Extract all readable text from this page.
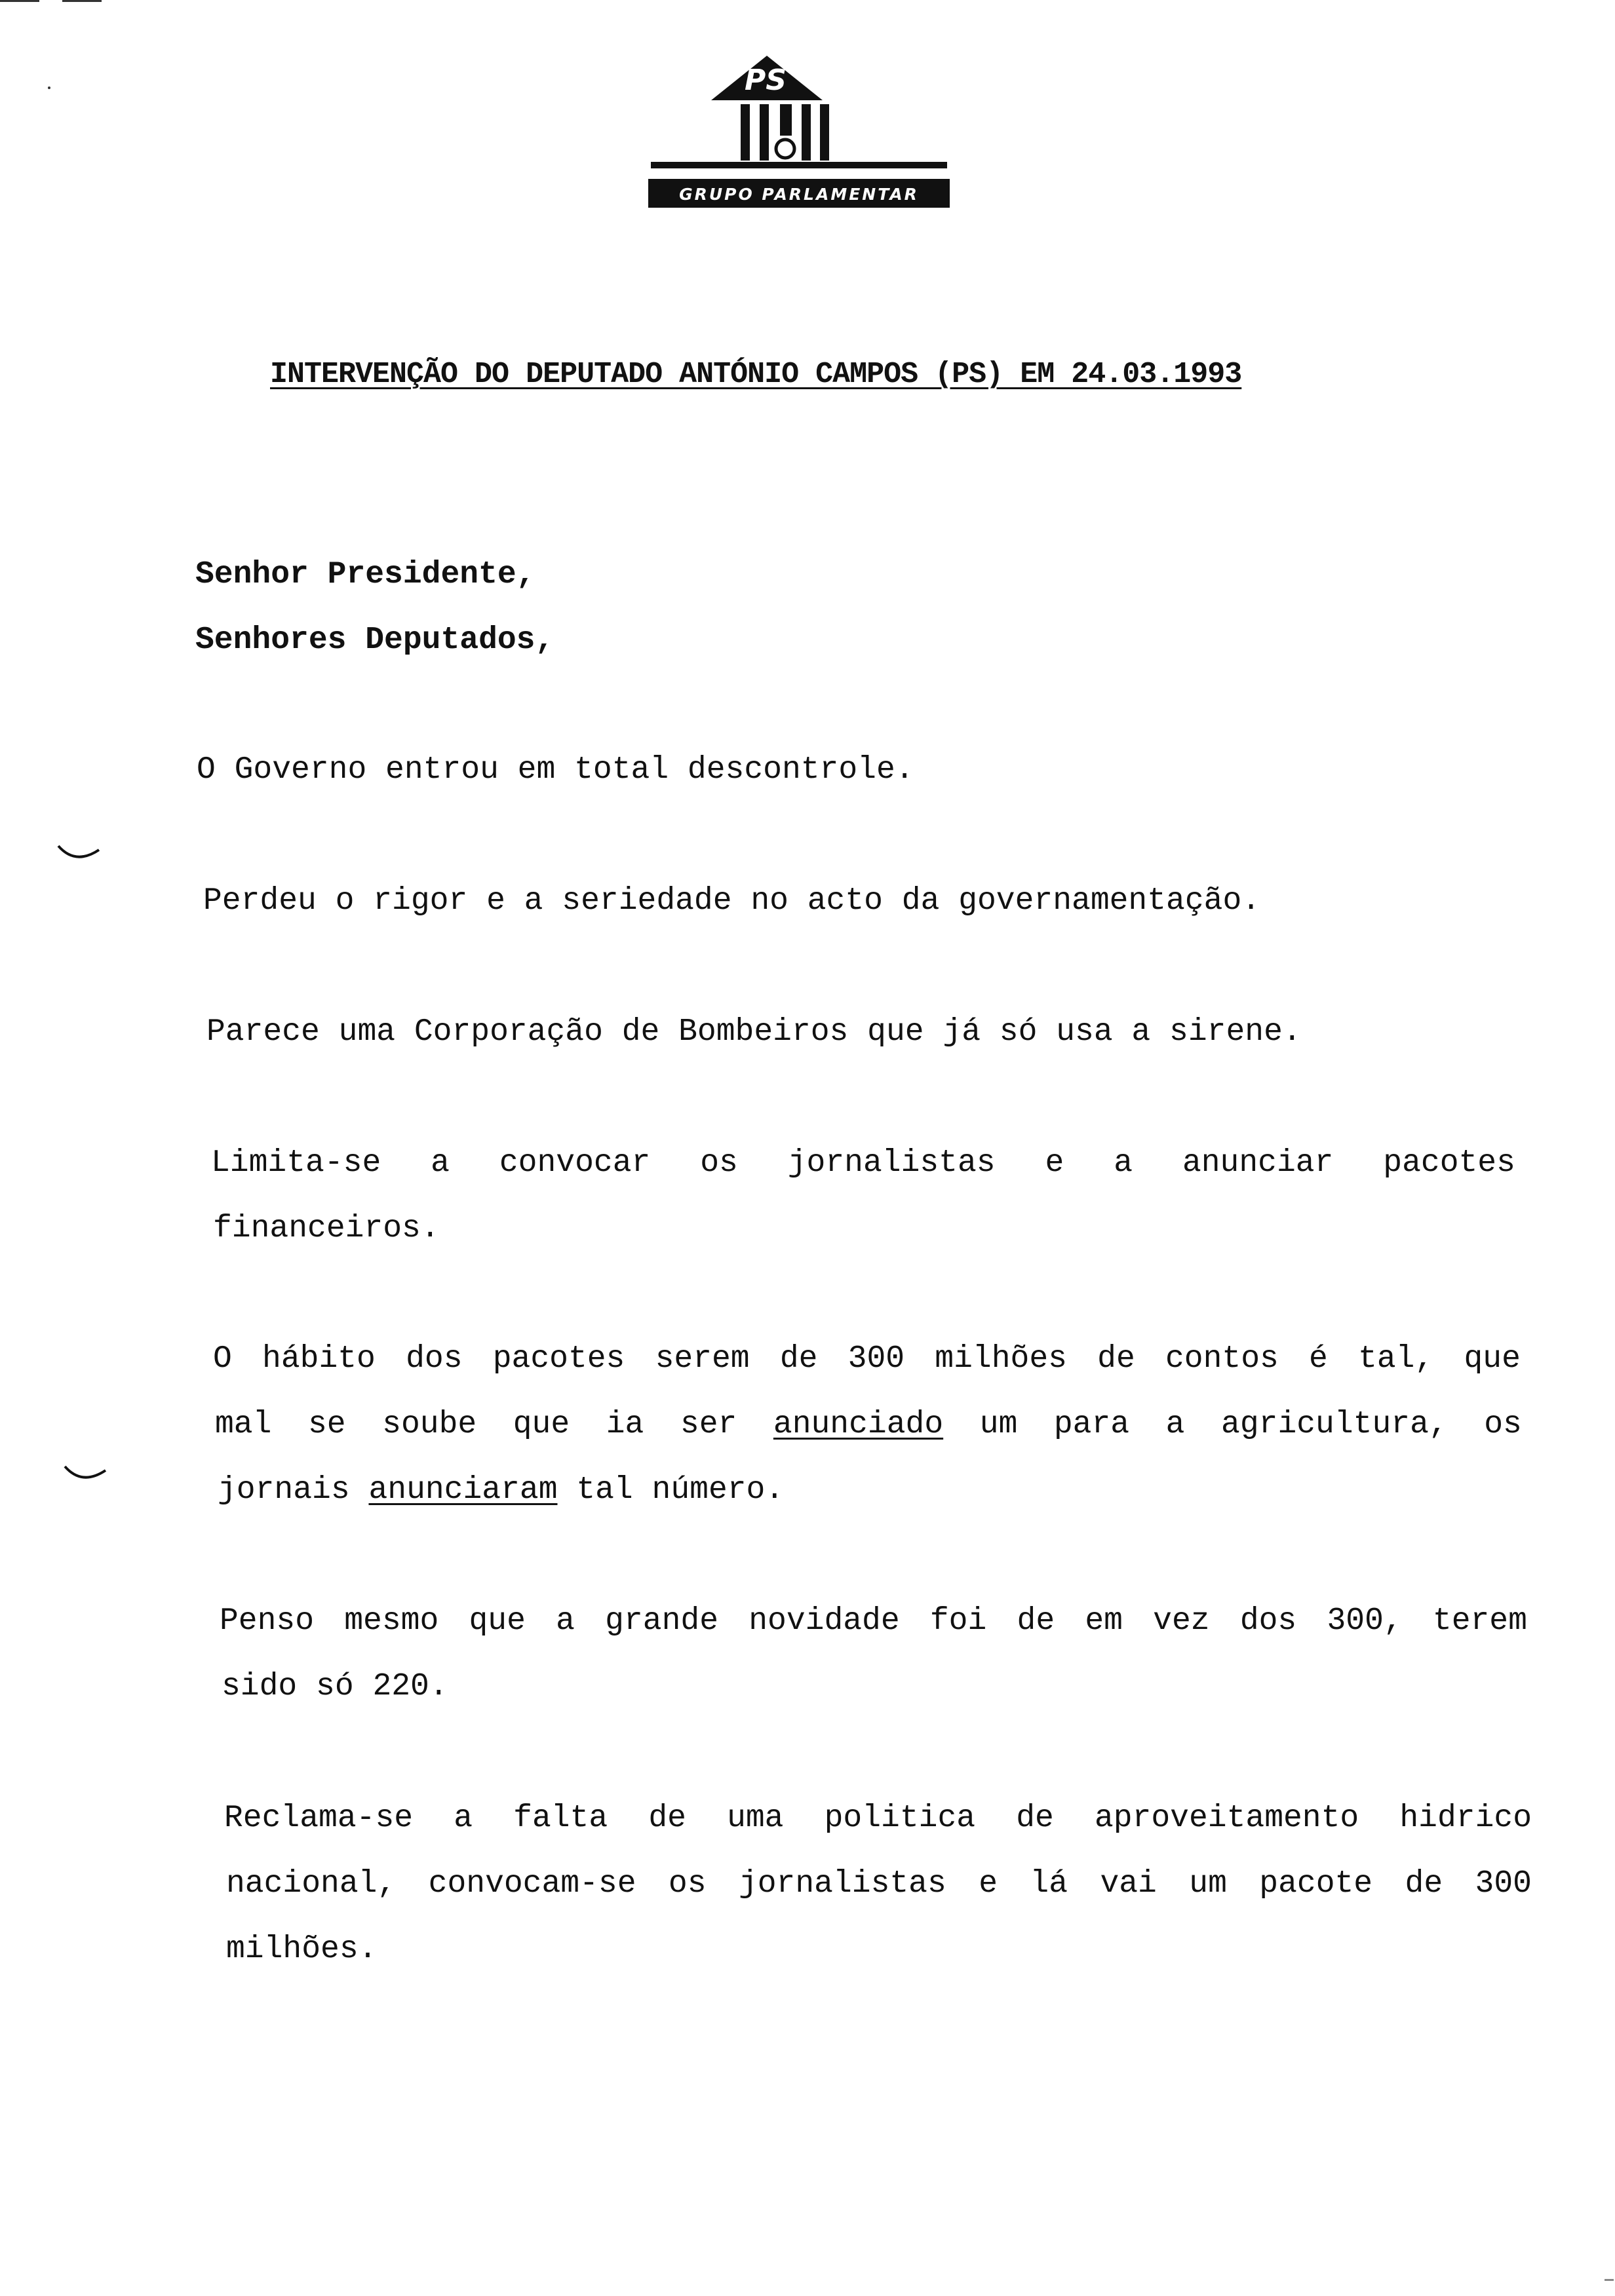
PS
GRUPO PARLAMENTAR
INTERVENÇÃO DO DEPUTADO ANTÓNIO CAMPOS (PS) EM 24.03.1993
Senhor Presidente,
Senhores Deputados,
O Governo entrou em total descontrole.
Perdeu o rigor e a seriedade no acto da governamentação.
Parece uma Corporação de Bombeiros que já só usa a sirene.
Limita-se a convocar os jornalistas e a anunciar pacotes
financeiros.
O hábito dos pacotes serem de 300 milhões de contos é tal, que
mal se soube que ia ser anunciado um para a agricultura, os
jornais anunciaram tal número.
Penso mesmo que a grande novidade foi de em vez dos 300, terem
sido só 220.
Reclama-se a falta de uma politica de aproveitamento hidrico
nacional, convocam-se os jornalistas e lá vai um pacote de 300
milhões.
